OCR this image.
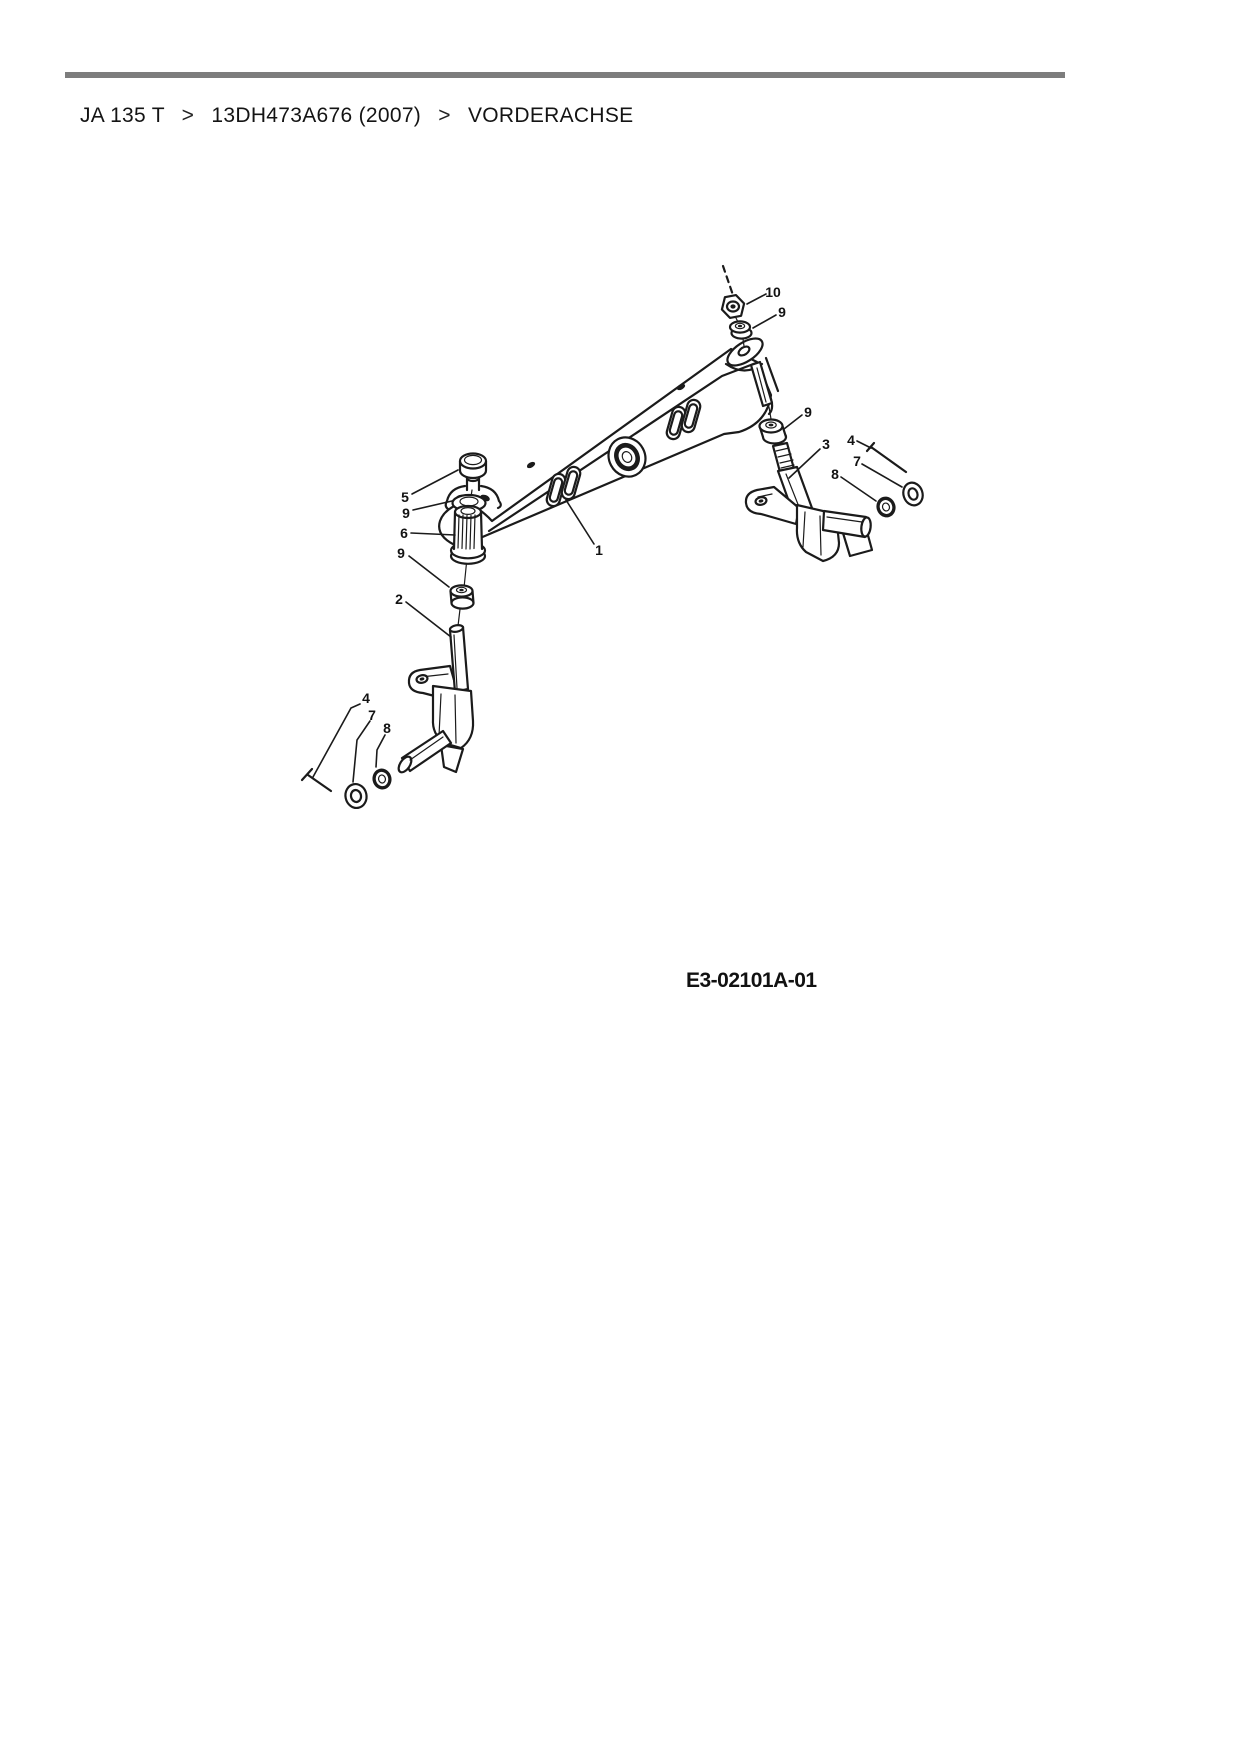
JA 135 T > 13DH473A676 (2007) > VORDERACHSE
10
9
9
3 4
7
8
5
9
6
9
2
1
4
7
8
E3-02101A-01
